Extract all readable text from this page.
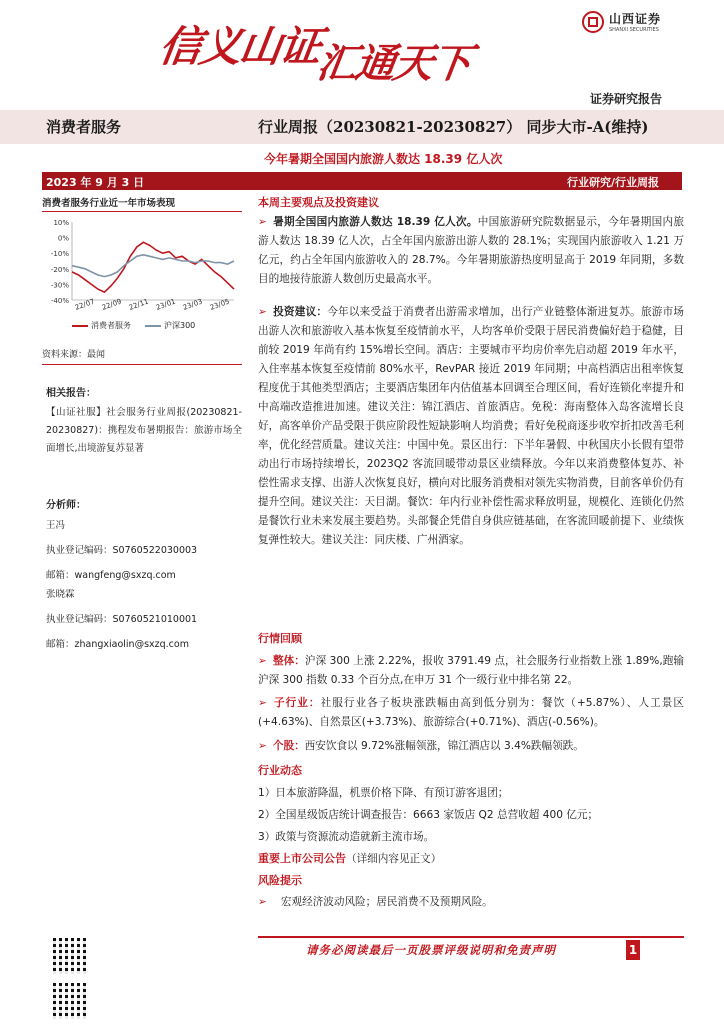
信义山证汇通天下
山西证券
SHANXI SECURITIES
证券研究报告
消费者服务	行业周报（20230821-20230827） 同步大市-A(维持)
今年暑期全国国内旅游人数达 18.39 亿人次
2023 年 9 月 3 日	行业研究/行业周报
消费者服务行业近一年市场表现
10%
0%
-10%
-20%
-30%
-40% 22/07 22/09 22/11 23/01 23/03 23/05
消费者服务	沪深300
资料来源：最闻
相关报告：
【山证社服】社会服务行业周报(20230821-20230827)：携程发布暑期报告：旅游市场全面增长,出境游复苏显著
分析师：
王冯
执业登记编码：S0760522030003
邮箱：wangfeng@sxzq.com
张晓霖
执业登记编码：S0760521010001
邮箱：zhangxiaolin@sxzq.com
本周主要观点及投资建议
➢ 暑期全国国内旅游人数达 18.39 亿人次。中国旅游研究院数据显示，今年暑期国内旅游人数达 18.39 亿人次，占全年国内旅游出游人数的 28.1%；实现国内旅游收入 1.21 万亿元，约占全年国内旅游收入的 28.7%。今年暑期旅游热度明显高于 2019 年同期，多数目的地接待旅游人数创历史最高水平。
➢ 投资建议：今年以来受益于消费者出游需求增加，出行产业链整体渐进复苏。旅游市场出游人次和旅游收入基本恢复至疫情前水平，人均客单价受限于居民消费偏好趋于稳健，目前较 2019 年尚有约 15%增长空间。酒店：主要城市平均房价率先启动超 2019 年水平，入住率基本恢复至疫情前 80%水平，RevPAR 接近 2019 年同期；中高档酒店出租率恢复程度优于其他类型酒店；主要酒店集团年内估值基本回调至合理区间，看好连锁化率提升和中高端改造推进加速。建议关注：锦江酒店、首旅酒店。免税：海南整体入岛客流增长良好，高客单价产品受限于供应阶段性短缺影响人均消费；看好免税商逐步收窄折扣改善毛利率，优化经营质量。建议关注：中国中免。景区出行：下半年暑假、中秋国庆小长假有望带动出行市场持续增长，2023Q2 客流回暖带动景区业绩释放。今年以来消费整体复苏、补偿性需求支撑、出游人次恢复良好，横向对比服务消费相对领先实物消费，目前客单价仍有提升空间。建议关注：天目湖。餐饮：年内行业补偿性需求释放明显，规模化、连锁化仍然是餐饮行业未来发展主要趋势。头部餐企凭借自身供应链基础，在客流回暖前提下、业绩恢复弹性较大。建议关注：同庆楼、广州酒家。
行情回顾
➢ 整体：沪深 300 上涨 2.22%，报收 3791.49 点，社会服务行业指数上涨 1.89%,跑输沪深 300 指数 0.33 个百分点,在申万 31 个一级行业中排名第 22。
➢ 子行业：社服行业各子板块涨跌幅由高到低分别为：餐饮（+5.87%）、人工景区(+4.63%)、自然景区(+3.73%)、旅游综合(+0.71%)、酒店(-0.56%)。
➢ 个股：西安饮食以 9.72%涨幅领涨，锦江酒店以 3.4%跌幅领跌。
行业动态
1）日本旅游降温，机票价格下降、有预订游客退团；
2）全国星级饭店统计调查报告：6663 家饭店 Q2 总营收超 400 亿元；
3）政策与资源流动造就新主流市场。
重要上市公司公告（详细内容见正文）
风险提示
➢ 宏观经济波动风险；居民消费不及预期风险。
请务必阅读最后一页股票评级说明和免责声明	1
